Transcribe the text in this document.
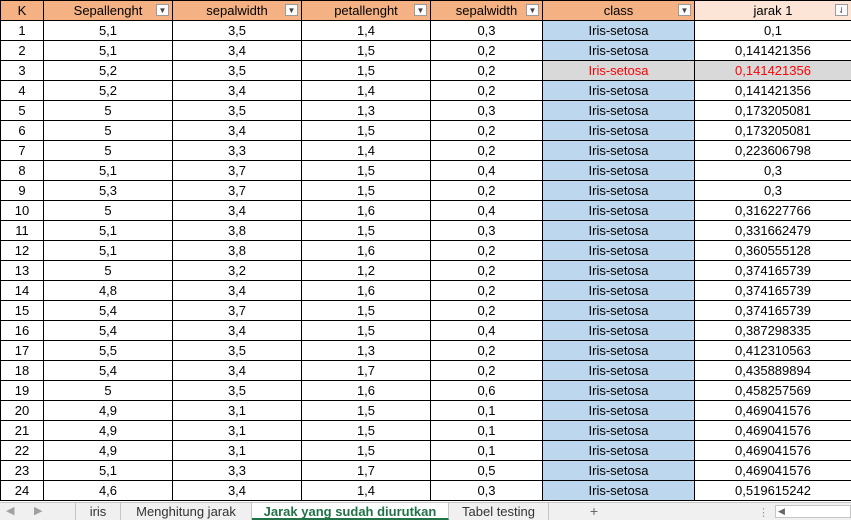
K	Sepallenght ▼	sepalwidth ▼	petallenght ▼	sepalwidth ▼	class ▼	jarak 1 ⇃

1	5,1	3,5	1,4	0,3	Iris-setosa	0,1
2	5,1	3,4	1,5	0,2	Iris-setosa	0,141421356
3	5,2	3,5	1,5	0,2	Iris-setosa	0,141421356
4	5,2	3,4	1,4	0,2	Iris-setosa	0,141421356
5	5	3,5	1,3	0,3	Iris-setosa	0,173205081
6	5	3,4	1,5	0,2	Iris-setosa	0,173205081
7	5	3,3	1,4	0,2	Iris-setosa	0,223606798
8	5,1	3,7	1,5	0,4	Iris-setosa	0,3
9	5,3	3,7	1,5	0,2	Iris-setosa	0,3
10	5	3,4	1,6	0,4	Iris-setosa	0,316227766
11	5,1	3,8	1,5	0,3	Iris-setosa	0,331662479
12	5,1	3,8	1,6	0,2	Iris-setosa	0,360555128
13	5	3,2	1,2	0,2	Iris-setosa	0,374165739
14	4,8	3,4	1,6	0,2	Iris-setosa	0,374165739
15	5,4	3,7	1,5	0,2	Iris-setosa	0,374165739
16	5,4	3,4	1,5	0,4	Iris-setosa	0,387298335
17	5,5	3,5	1,3	0,2	Iris-setosa	0,412310563
18	5,4	3,4	1,7	0,2	Iris-setosa	0,435889894
19	5	3,5	1,6	0,6	Iris-setosa	0,458257569
20	4,9	3,1	1,5	0,1	Iris-setosa	0,469041576
21	4,9	3,1	1,5	0,1	Iris-setosa	0,469041576
22	4,9	3,1	1,5	0,1	Iris-setosa	0,469041576
23	5,1	3,3	1,7	0,5	Iris-setosa	0,469041576
24	4,6	3,4	1,4	0,3	Iris-setosa	0,519615242
◀ ▶	iris	Menghitung jarak	Jarak yang sudah diurutkan	Tabel testing	+	⋮ ◀
